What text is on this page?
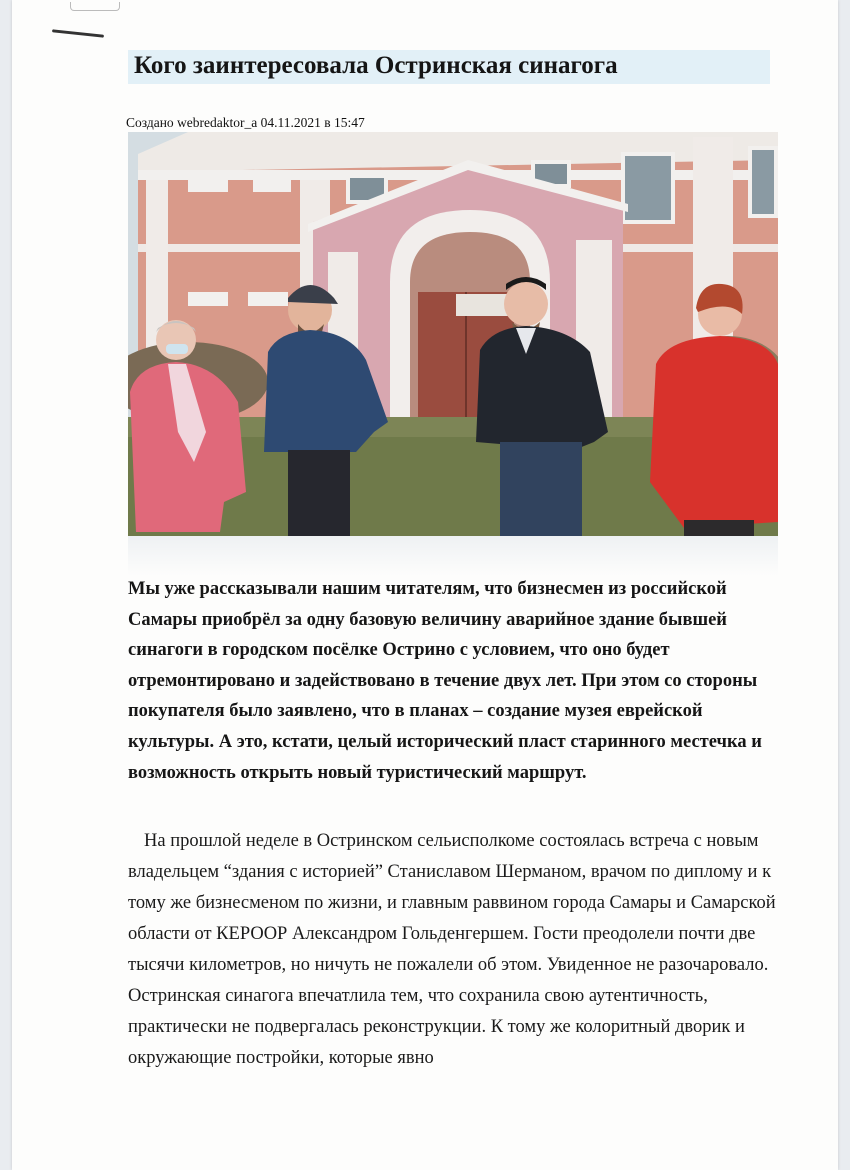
Кого заинтересовала Остринская синагога
Создано webredaktor_a 04.11.2021 в 15:47

Мы уже рассказывали нашим читателям, что бизнесмен из российской Самары приобрёл за одну базовую величину аварийное здание бывшей синагоги в городском посёлке Острино с условием, что оно будет отремонтировано и задействовано в течение двух лет. При этом со стороны покупателя было заявлено, что в планах – создание музея еврейской культуры. А это, кстати, целый исторический пласт старинного местечка и возможность открыть новый туристический маршрут.

На прошлой неделе в Остринском сельисполкоме состоялась встреча с новым владельцем “здания с историей” Станиславом Шерманом, врачом по диплому и к тому же бизнесменом по жизни, и главным раввином города Самары и Самарской области от КЕРООР Александром Гольденгершем. Гости преодолели почти две тысячи километров, но ничуть не пожалели об этом. Увиденное не разочаровало. Остринская синагога впечатлила тем, что сохранила свою аутентичность, практически не подвергалась реконструкции. К тому же колоритный дворик и окружающие постройки, которые явно
